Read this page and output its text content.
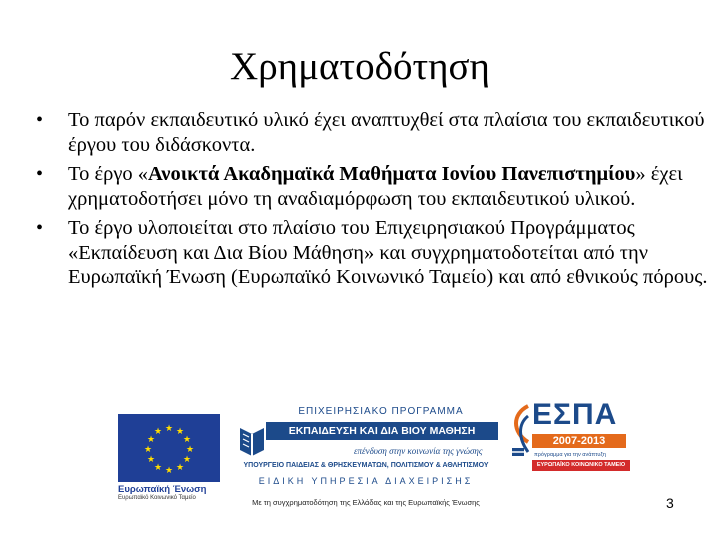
Χρηματοδότηση
• Το παρόν εκπαιδευτικό υλικό έχει αναπτυχθεί στα πλαίσια του εκπαιδευτικού έργου του διδάσκοντα.
• Το έργο «Ανοικτά Ακαδημαϊκά Μαθήματα Ιονίου Πανεπιστημίου» έχει χρηματοδοτήσει μόνο τη αναδιαμόρφωση του εκπαιδευτικού υλικού.
• Το έργο υλοποιείται στο πλαίσιο του Επιχειρησιακού Προγράμματος «Εκπαίδευση και Δια Βίου Μάθηση» και συγχρηματοδοτείται από την Ευρωπαϊκή Ένωση (Ευρωπαϊκό Κοινωνικό Ταμείο) και από εθνικούς πόρους.
★ ★
★
★
★
★
★
★
★
★
★
★
Ευρωπαϊκή Ένωση
Ευρωπαϊκό Κοινωνικό Ταμείο
ΕΠΙΧΕΙΡΗΣΙΑΚΟ ΠΡΟΓΡΑΜΜΑ
ΕΚΠΑΙΔΕΥΣΗ ΚΑΙ ΔΙΑ ΒΙΟΥ ΜΑΘΗΣΗ
επένδυση στην κοινωνία της γνώσης
ΥΠΟΥΡΓΕΙΟ ΠΑΙΔΕΙΑΣ & ΘΡΗΣΚΕΥΜΑΤΩΝ, ΠΟΛΙΤΙΣΜΟΥ & ΑΘΛΗΤΙΣΜΟΥ
ΕΙΔΙΚΗ ΥΠΗΡΕΣΙΑ ΔΙΑΧΕΙΡΙΣΗΣ
ΕΣΠΑ
2007-2013
πρόγραμμα για την ανάπτυξη
ΕΥΡΩΠΑΪΚΟ ΚΟΙΝΩΝΙΚΟ ΤΑΜΕΙΟ
Με τη συγχρηματοδότηση της Ελλάδας και της Ευρωπαϊκής Ένωσης	3
